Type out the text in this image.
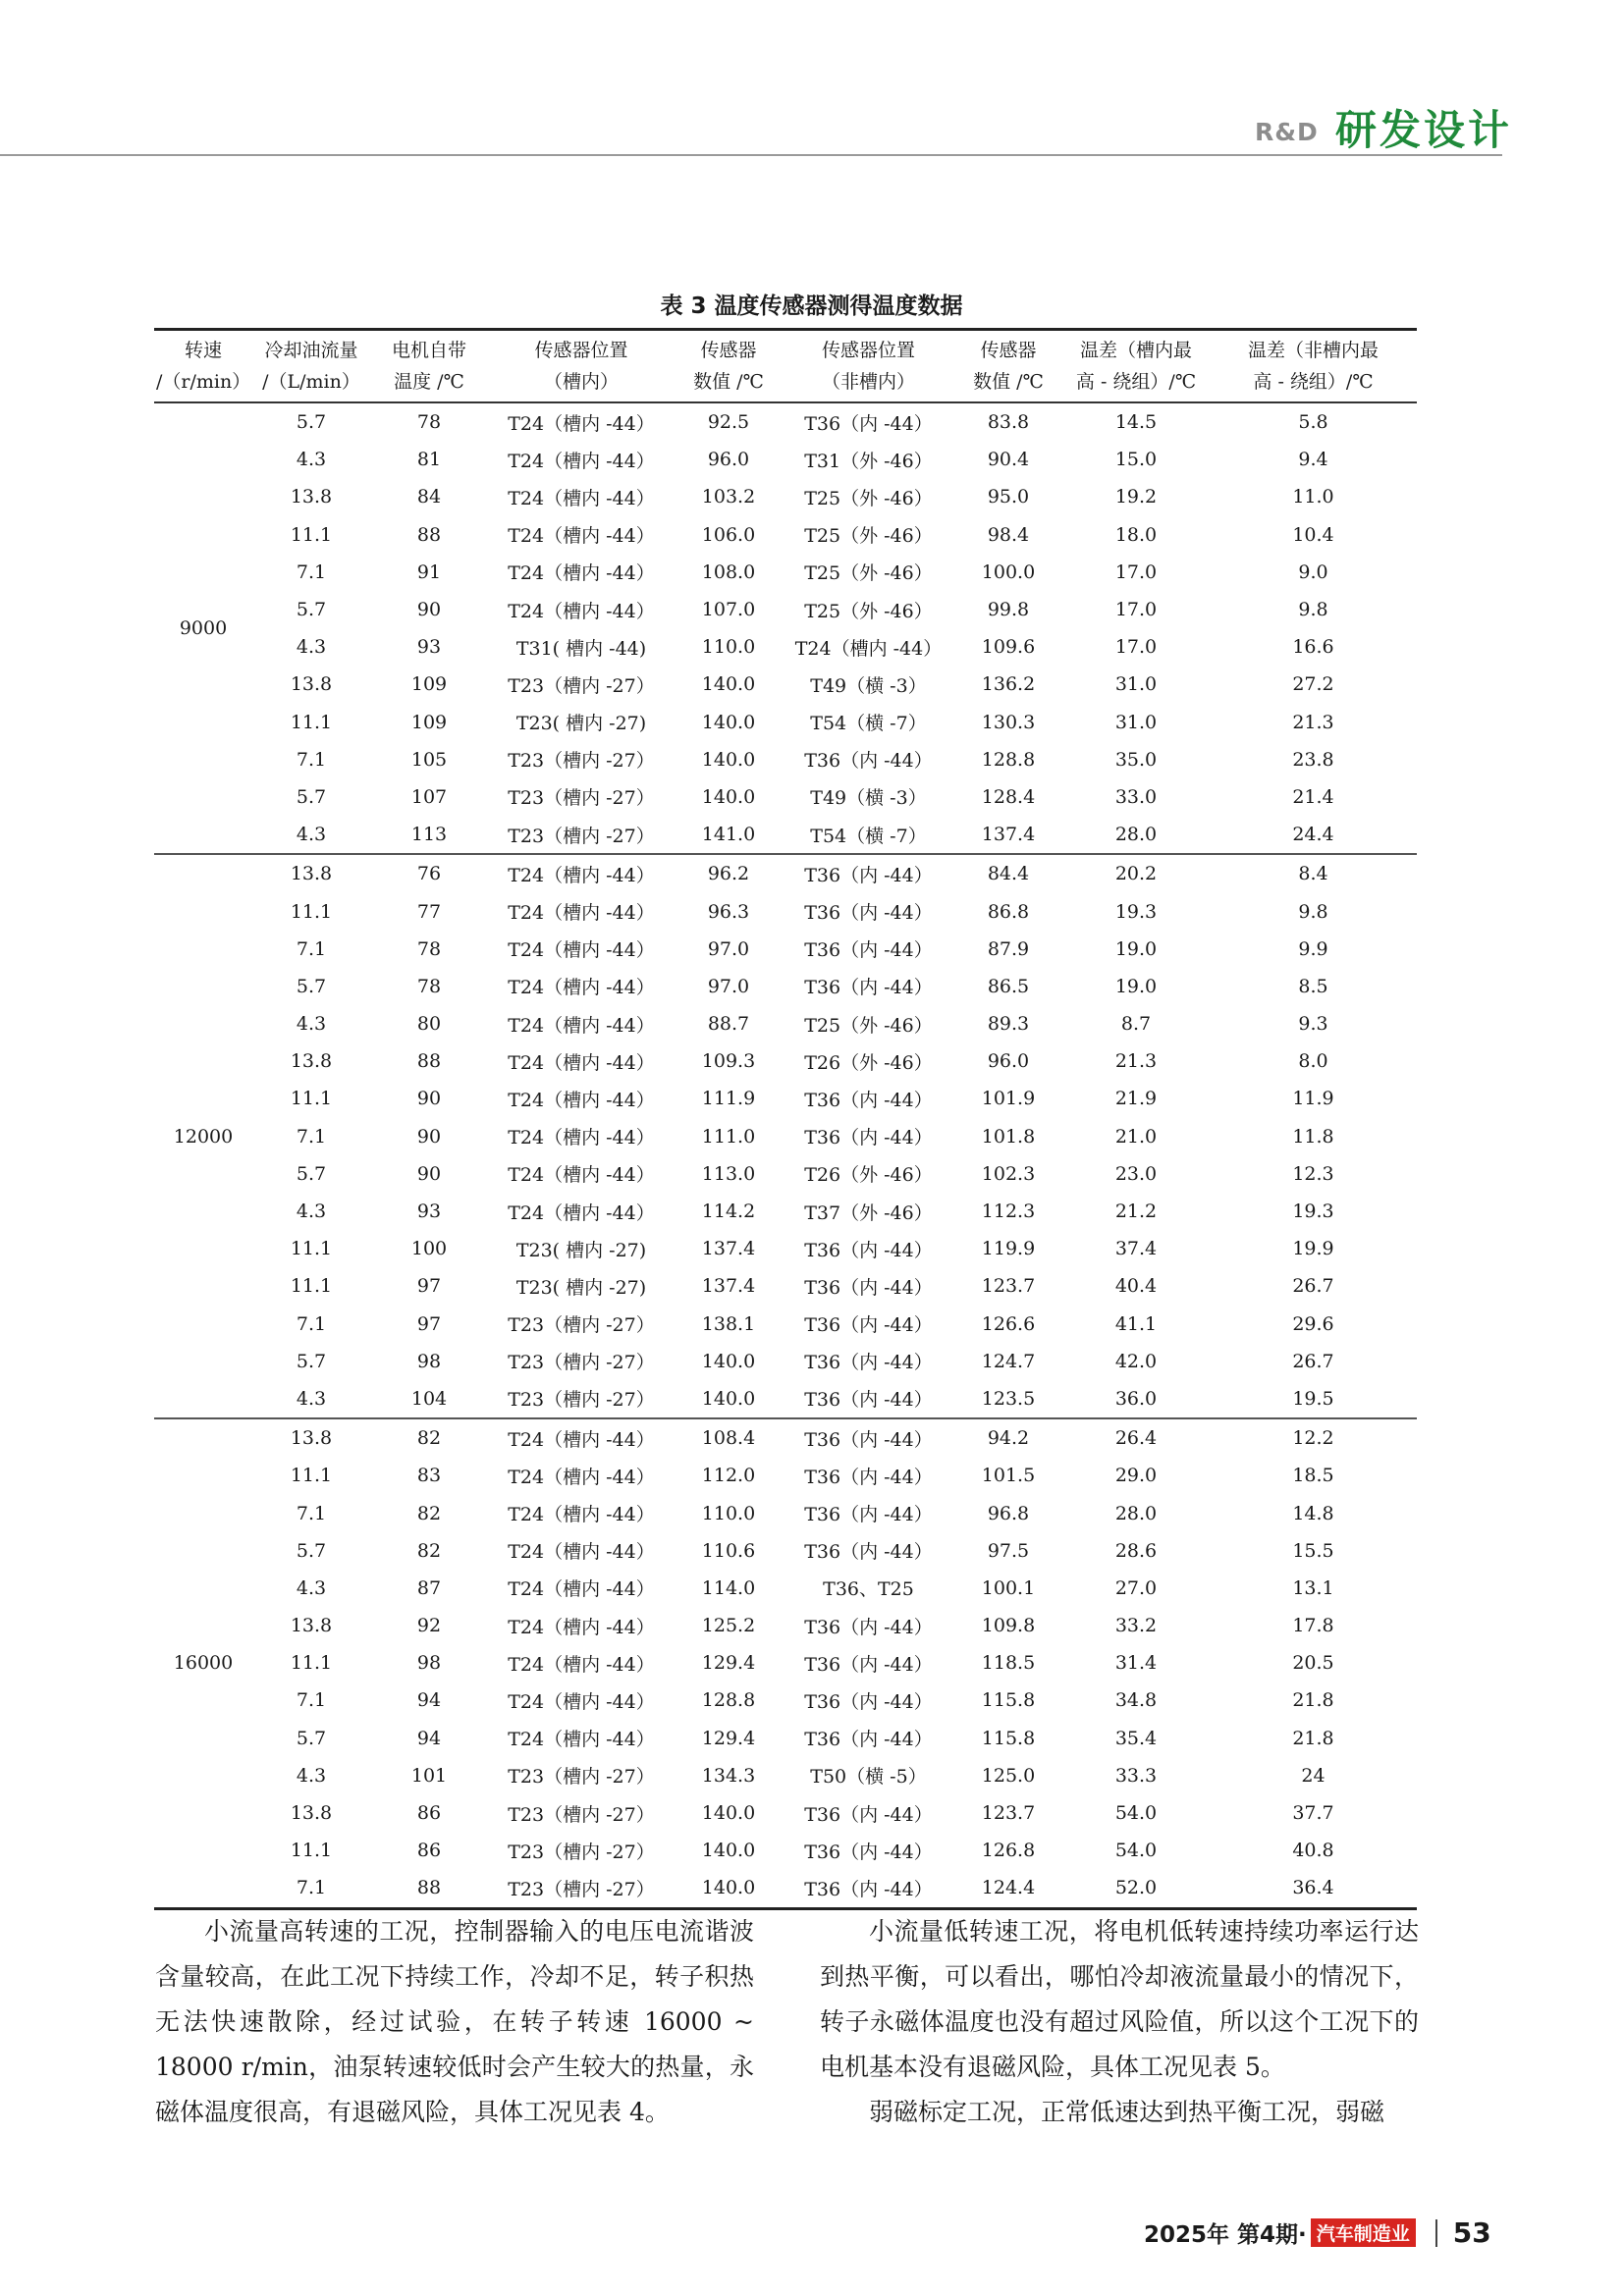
R&D 研发设计
表 3 温度传感器测得温度数据
转速	冷却油流量	电机自带	传感器位置	传感器	传感器位置	传感器	温差（槽内最	温差（非槽内最
/（r/min）	/（L/min）	温度 /℃	（槽内）	数值 /℃	（非槽内）	数值 /℃	高 - 绕组）/℃	高 - 绕组）/℃
9000	5.7	78	T24（槽内 -44）	92.5	T36（内 -44）	83.8	14.5	5.8
	4.3	81	T24（槽内 -44）	96.0	T31（外 -46）	90.4	15.0	9.4
	13.8	84	T24（槽内 -44）	103.2	T25（外 -46）	95.0	19.2	11.0
	11.1	88	T24（槽内 -44）	106.0	T25（外 -46）	98.4	18.0	10.4
	7.1	91	T24（槽内 -44）	108.0	T25（外 -46）	100.0	17.0	9.0
	5.7	90	T24（槽内 -44）	107.0	T25（外 -46）	99.8	17.0	9.8
	4.3	93	T31( 槽内 -44)	110.0	T24（槽内 -44）	109.6	17.0	16.6
	13.8	109	T23（槽内 -27）	140.0	T49（横 -3）	136.2	31.0	27.2
	11.1	109	T23( 槽内 -27)	140.0	T54（横 -7）	130.3	31.0	21.3
	7.1	105	T23（槽内 -27）	140.0	T36（内 -44）	128.8	35.0	23.8
	5.7	107	T23（槽内 -27）	140.0	T49（横 -3）	128.4	33.0	21.4
	4.3	113	T23（槽内 -27）	141.0	T54（横 -7）	137.4	28.0	24.4
12000	13.8	76	T24（槽内 -44）	96.2	T36（内 -44）	84.4	20.2	8.4
	11.1	77	T24（槽内 -44）	96.3	T36（内 -44）	86.8	19.3	9.8
	7.1	78	T24（槽内 -44）	97.0	T36（内 -44）	87.9	19.0	9.9
	5.7	78	T24（槽内 -44）	97.0	T36（内 -44）	86.5	19.0	8.5
	4.3	80	T24（槽内 -44）	88.7	T25（外 -46）	89.3	8.7	9.3
	13.8	88	T24（槽内 -44）	109.3	T26（外 -46）	96.0	21.3	8.0
	11.1	90	T24（槽内 -44）	111.9	T36（内 -44）	101.9	21.9	11.9
	7.1	90	T24（槽内 -44）	111.0	T36（内 -44）	101.8	21.0	11.8
	5.7	90	T24（槽内 -44）	113.0	T26（外 -46）	102.3	23.0	12.3
	4.3	93	T24（槽内 -44）	114.2	T37（外 -46）	112.3	21.2	19.3
	11.1	100	T23( 槽内 -27)	137.4	T36（内 -44）	119.9	37.4	19.9
	11.1	97	T23( 槽内 -27)	137.4	T36（内 -44）	123.7	40.4	26.7
	7.1	97	T23（槽内 -27）	138.1	T36（内 -44）	126.6	41.1	29.6
	5.7	98	T23（槽内 -27）	140.0	T36（内 -44）	124.7	42.0	26.7
	4.3	104	T23（槽内 -27）	140.0	T36（内 -44）	123.5	36.0	19.5
16000	13.8	82	T24（槽内 -44）	108.4	T36（内 -44）	94.2	26.4	12.2
	11.1	83	T24（槽内 -44）	112.0	T36（内 -44）	101.5	29.0	18.5
	7.1	82	T24（槽内 -44）	110.0	T36（内 -44）	96.8	28.0	14.8
	5.7	82	T24（槽内 -44）	110.6	T36（内 -44）	97.5	28.6	15.5
	4.3	87	T24（槽内 -44）	114.0	T36、T25	100.1	27.0	13.1
	13.8	92	T24（槽内 -44）	125.2	T36（内 -44）	109.8	33.2	17.8
	11.1	98	T24（槽内 -44）	129.4	T36（内 -44）	118.5	31.4	20.5
	7.1	94	T24（槽内 -44）	128.8	T36（内 -44）	115.8	34.8	21.8
	5.7	94	T24（槽内 -44）	129.4	T36（内 -44）	115.8	35.4	21.8
	4.3	101	T23（槽内 -27）	134.3	T50（横 -5）	125.0	33.3	24
	13.8	86	T23（槽内 -27）	140.0	T36（内 -44）	123.7	54.0	37.7
	11.1	86	T23（槽内 -27）	140.0	T36（内 -44）	126.8	54.0	40.8
	7.1	88	T23（槽内 -27）	140.0	T36（内 -44）	124.4	52.0	36.4

小流量高转速的工况，控制器输入的电压电流谐波含量较高，在此工况下持续工作，冷却不足，转子积热无法快速散除，经过试验，在转子转速 16000 ~ 18000 r/min，油泵转速较低时会产生较大的热量，永磁体温度很高，有退磁风险，具体工况见表 4。

小流量低转速工况，将电机低转速持续功率运行达到热平衡，可以看出，哪怕冷却液流量最小的情况下，转子永磁体温度也没有超过风险值，所以这个工况下的电机基本没有退磁风险，具体工况见表 5。

弱磁标定工况，正常低速达到热平衡工况，弱磁

2025年 第4期· 汽车制造业 53
